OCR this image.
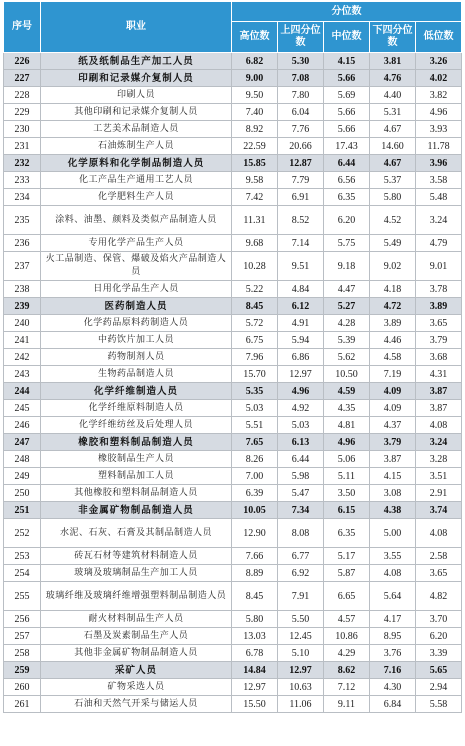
序号	职业	分位数				
		高位数	上四分位数	中位数	下四分位数	低位数
226	纸及纸制品生产加工人员	6.82	5.30	4.15	3.81	3.26
227	印刷和记录媒介复制人员	9.00	7.08	5.66	4.76	4.02
228	印刷人员	9.50	7.80	5.69	4.40	3.82
229	其他印刷和记录媒介复制人员	7.40	6.04	5.66	5.31	4.96
230	工艺美术品制造人员	8.92	7.76	5.66	4.67	3.93
231	石油炼制生产人员	22.59	20.66	17.43	14.60	11.78
232	化学原料和化学制品制造人员	15.85	12.87	6.44	4.67	3.96
233	化工产品生产通用工艺人员	9.58	7.79	6.56	5.37	3.58
234	化学肥料生产人员	7.42	6.91	6.35	5.80	5.48
235	涂料、油墨、颜料及类似产品制造人员	11.31	8.52	6.20	4.52	3.24
236	专用化学产品生产人员	9.68	7.14	5.75	5.49	4.79
237	火工品制造、保管、爆破及焰火产品制造人员	10.28	9.51	9.18	9.02	9.01
238	日用化学品生产人员	5.22	4.84	4.47	4.18	3.78
239	医药制造人员	8.45	6.12	5.27	4.72	3.89
240	化学药品原料药制造人员	5.72	4.91	4.28	3.89	3.65
241	中药饮片加工人员	6.75	5.94	5.39	4.46	3.79
242	药物制剂人员	7.96	6.86	5.62	4.58	3.68
243	生物药品制造人员	15.70	12.97	10.50	7.19	4.31
244	化学纤维制造人员	5.35	4.96	4.59	4.09	3.87
245	化学纤维原料制造人员	5.03	4.92	4.35	4.09	3.87
246	化学纤维纺丝及后处理人员	5.51	5.03	4.81	4.37	4.08
247	橡胶和塑料制品制造人员	7.65	6.13	4.96	3.79	3.24
248	橡胶制品生产人员	8.26	6.44	5.06	3.87	3.28
249	塑料制品加工人员	7.00	5.98	5.11	4.15	3.51
250	其他橡胶和塑料制品制造人员	6.39	5.47	3.50	3.08	2.91
251	非金属矿物制品制造人员	10.05	7.34	6.15	4.38	3.74
252	水泥、石灰、石膏及其制品制造人员	12.90	8.08	6.35	5.00	4.08
253	砖瓦石材等建筑材料制造人员	7.66	6.77	5.17	3.55	2.58
254	玻璃及玻璃制品生产加工人员	8.89	6.92	5.87	4.08	3.65
255	玻璃纤维及玻璃纤维增强塑料制品制造人员	8.45	7.91	6.65	5.64	4.82
256	耐火材料制品生产人员	5.80	5.50	4.57	4.17	3.70
257	石墨及炭素制品生产人员	13.03	12.45	10.86	8.95	6.20
258	其他非金属矿物制品制造人员	6.78	5.10	4.29	3.76	3.39
259	采矿人员	14.84	12.97	8.62	7.16	5.65
260	矿物采选人员	12.97	10.63	7.12	4.30	2.94
261	石油和天然气开采与储运人员	15.50	11.06	9.11	6.84	5.58
